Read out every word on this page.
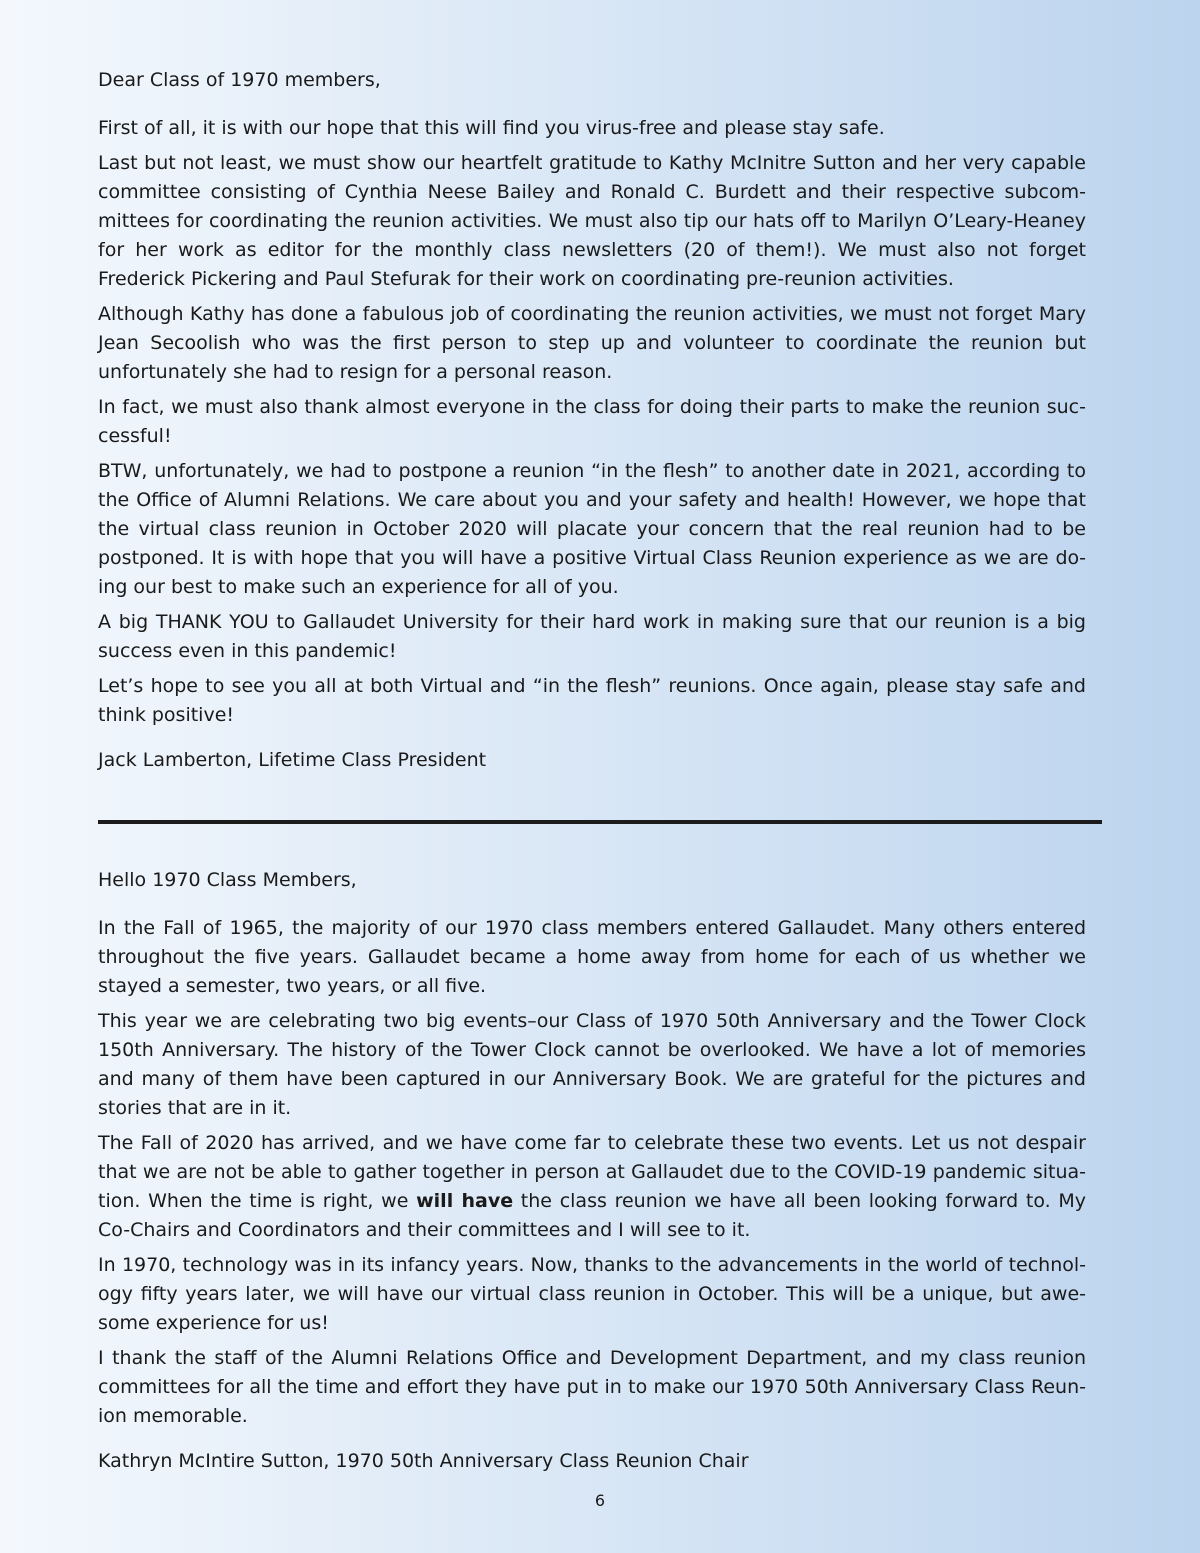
Dear Class of 1970 members,

First of all, it is with our hope that this will find you virus-free and please stay safe.

Last but not least, we must show our heartfelt gratitude to Kathy McInitre Sutton and her very capable committee consisting of Cynthia Neese Bailey and Ronald C. Burdett and their respective subcommittees for coordinating the reunion activities. We must also tip our hats off to Marilyn O’Leary-Heaney for her work as editor for the monthly class newsletters (20 of them!). We must also not forget Frederick Pickering and Paul Stefurak for their work on coordinating pre-reunion activities.

Although Kathy has done a fabulous job of coordinating the reunion activities, we must not forget Mary Jean Secoolish who was the first person to step up and volunteer to coordinate the reunion but unfortunately she had to resign for a personal reason.

In fact, we must also thank almost everyone in the class for doing their parts to make the reunion successful!

BTW, unfortunately, we had to postpone a reunion “in the flesh” to another date in 2021, according to the Office of Alumni Relations. We care about you and your safety and health! However, we hope that the virtual class reunion in October 2020 will placate your concern that the real reunion had to be postponed. It is with hope that you will have a positive Virtual Class Reunion experience as we are doing our best to make such an experience for all of you.

A big THANK YOU to Gallaudet University for their hard work in making sure that our reunion is a big success even in this pandemic!

Let’s hope to see you all at both Virtual and “in the flesh” reunions. Once again, please stay safe and think positive!

Jack Lamberton, Lifetime Class President

Hello 1970 Class Members,

In the Fall of 1965, the majority of our 1970 class members entered Gallaudet. Many others entered throughout the five years. Gallaudet became a home away from home for each of us whether we stayed a semester, two years, or all five.

This year we are celebrating two big events–our Class of 1970 50th Anniversary and the Tower Clock 150th Anniversary. The history of the Tower Clock cannot be overlooked. We have a lot of memories and many of them have been captured in our Anniversary Book. We are grateful for the pictures and stories that are in it.

The Fall of 2020 has arrived, and we have come far to celebrate these two events. Let us not despair that we are not be able to gather together in person at Gallaudet due to the COVID-19 pandemic situation. When the time is right, we will have the class reunion we have all been looking forward to. My Co-Chairs and Coordinators and their committees and I will see to it.

In 1970, technology was in its infancy years. Now, thanks to the advancements in the world of technology fifty years later, we will have our virtual class reunion in October. This will be a unique, but awesome experience for us!

I thank the staff of the Alumni Relations Office and Development Department, and my class reunion committees for all the time and effort they have put in to make our 1970 50th Anniversary Class Reunion memorable.

Kathryn McIntire Sutton, 1970 50th Anniversary Class Reunion Chair

6
